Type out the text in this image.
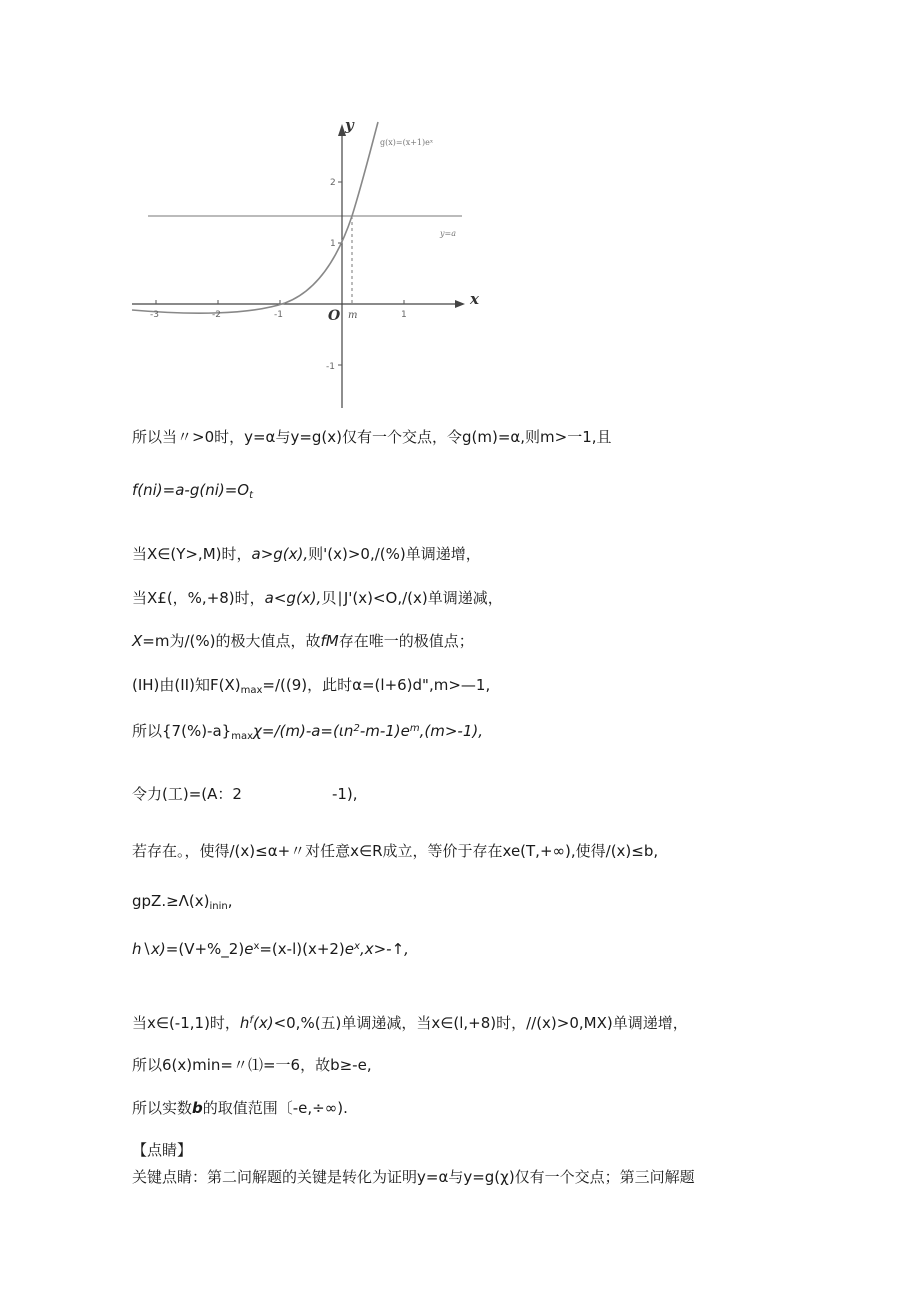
y
x
O m
g(x)=(x+1)eˣ
y=a
2
1
-1
-3	-2	-1	1
所以当〃>0时，y=α与y=g(x)仅有一个交点，令g(m)=α,则m>一1,且
$f(ni)=a-g(ni)=O_t$
当X∈(Y>,M)时，a>g(x),则'(x)>0,/(%)单调递增，
当X£(，%,+8)时，a<g(x),贝∣J'(x)<O,/(x)单调递减，
X=m为/(%)的极大值点，故fM存在唯一的极值点；
(IH)由(II)知$F(X)_{max}=/((9)$，此时α=(l+6)d",m>—1,
所以$\{7(\%)-a\}_{max}\chi=/(m)-a=(\iota n^2-m-1)e^m,(m>-1)$,
令力(工)=(A：2	-1),
若存在。，使得/(x)≤α+〃对任意x∈R成立，等价于存在xe(T,+∞),使得∕(x)≤b,
$gpZ.\ge\Lambda(x)_{inin}$,
$h∖x)=(V+\%\_2)e^x=(x-l)(x+2)e^x,x>-↑$,
当x∈(-1,1)时，$h^f(x)<0,\%$(五)单调递减，当x∈(l,+8)时，//(x)>0,MX)单调递增，
所以6(x)min=〃⑴=一6，故b≥-e,
所以实数b的取值范围〔-e,÷∞).
【点睛】
关键点睛：第二问解题的关键是转化为证明y=α与y=g(χ)仅有一个交点；第三问解题
